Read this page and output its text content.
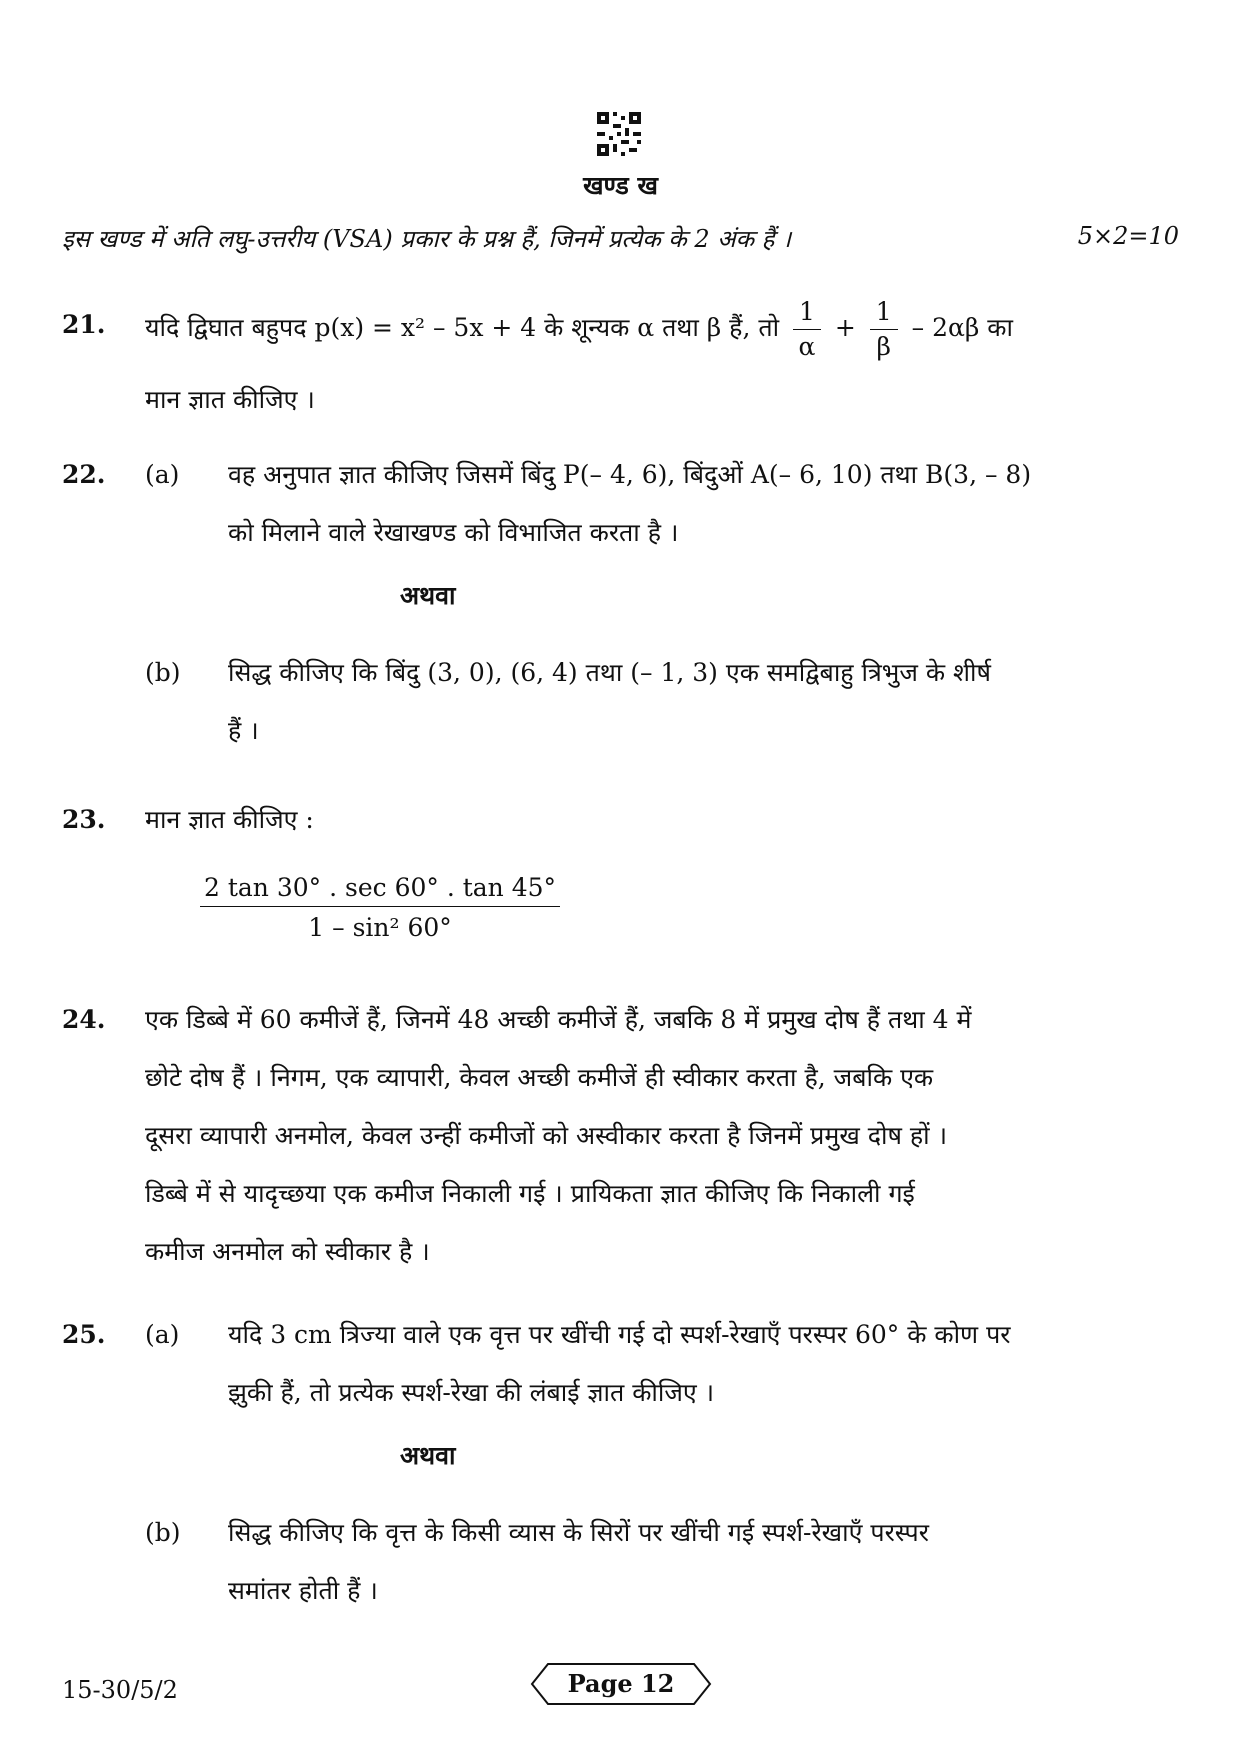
खण्ड ख
इस खण्ड में अति लघु-उत्तरीय (VSA) प्रकार के प्रश्न हैं, जिनमें प्रत्येक के 2 अंक हैं ।	5×2=10
21. यदि द्विघात बहुपद p(x) = x² – 5x + 4 के शून्यक α तथा β हैं, तो $\frac{1}{\alpha} + \frac{1}{\beta} - 2\alpha\beta$ का
मान ज्ञात कीजिए ।
22. (a) वह अनुपात ज्ञात कीजिए जिसमें बिंदु P(– 4, 6), बिंदुओं A(– 6, 10) तथा B(3, – 8)
को मिलाने वाले रेखाखण्ड को विभाजित करता है ।
अथवा
(b) सिद्ध कीजिए कि बिंदु (3, 0), (6, 4) तथा (– 1, 3) एक समद्विबाहु त्रिभुज के शीर्ष
हैं ।
23. मान ज्ञात कीजिए :
2 tan 30° . sec 60° . tan 45°
1 – sin² 60°
24. एक डिब्बे में 60 कमीजें हैं, जिनमें 48 अच्छी कमीजें हैं, जबकि 8 में प्रमुख दोष हैं तथा 4 में
छोटे दोष हैं । निगम, एक व्यापारी, केवल अच्छी कमीजें ही स्वीकार करता है, जबकि एक
दूसरा व्यापारी अनमोल, केवल उन्हीं कमीजों को अस्वीकार करता है जिनमें प्रमुख दोष हों ।
डिब्बे में से यादृच्छया एक कमीज निकाली गई । प्रायिकता ज्ञात कीजिए कि निकाली गई
कमीज अनमोल को स्वीकार है ।
25. (a) यदि 3 cm त्रिज्या वाले एक वृत्त पर खींची गई दो स्पर्श-रेखाएँ परस्पर 60° के कोण पर
झुकी हैं, तो प्रत्येक स्पर्श-रेखा की लंबाई ज्ञात कीजिए ।
अथवा
(b) सिद्ध कीजिए कि वृत्त के किसी व्यास के सिरों पर खींची गई स्पर्श-रेखाएँ परस्पर
समांतर होती हैं ।
15-30/5/2	Page 12
